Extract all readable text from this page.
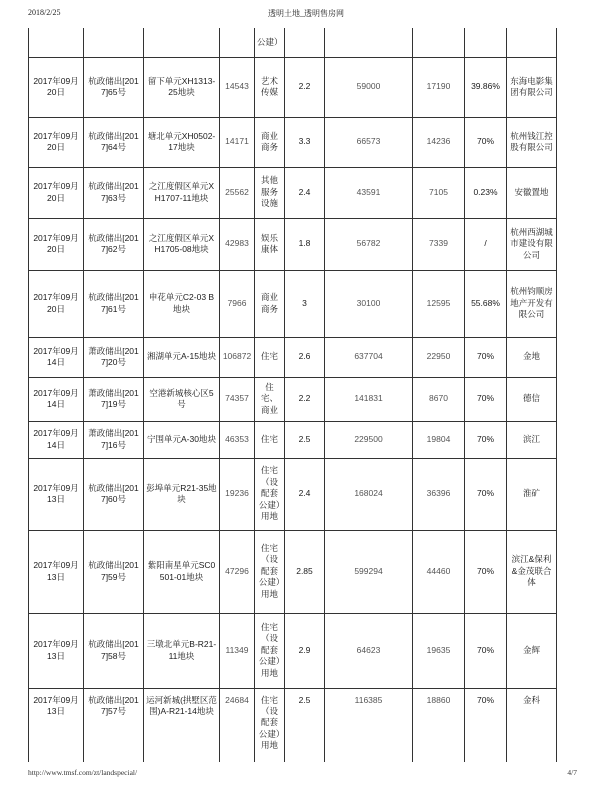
2018/2/25	透明土地_透明售房网
				公建）					
2017年09月20日	杭政储出[2017]65号	留下单元XH1313-25地块	14543	艺术传媒	2.2	59000	17190	39.86%	东海电影集团有限公司
2017年09月20日	杭政储出[2017]64号	塘北单元XH0502-17地块	14171	商业商务	3.3	66573	14236	70%	杭州钱江控股有限公司
2017年09月20日	杭政储出[2017]63号	之江度假区单元XH1707-11地块	25562	其他服务设施	2.4	43591	7105	0.23%	安徽置地
2017年09月20日	杭政储出[2017]62号	之江度假区单元XH1705-08地块	42983	娱乐康体	1.8	56782	7339	/	杭州西湖城市建设有限公司
2017年09月20日	杭政储出[2017]61号	申花单元C2-03 B地块	7966	商业商务	3	30100	12595	55.68%	杭州钧顺房地产开发有限公司
2017年09月14日	萧政储出[2017]20号	湘湖单元A-15地块	106872	住宅	2.6	637704	22950	70%	金地
2017年09月14日	萧政储出[2017]19号	空港新城核心区5号	74357	住宅、商业	2.2	141831	8670	70%	德信
2017年09月14日	萧政储出[2017]16号	宁围单元A-30地块	46353	住宅	2.5	229500	19804	70%	滨江
2017年09月13日	杭政储出[2017]60号	彭埠单元R21-35地块	19236	住宅（设配套公建）用地	2.4	168024	36396	70%	淮矿
2017年09月13日	杭政储出[2017]59号	紫阳南星单元SC0501-01地块	47296	住宅（设配套公建）用地	2.85	599294	44460	70%	滨江&保利&金茂联合体
2017年09月13日	杭政储出[2017]58号	三墩北单元B-R21-11地块	11349	住宅（设配套公建）用地	2.9	64623	19635	70%	金辉
2017年09月13日	杭政储出[2017]57号	运河新城(拱墅区范围)A-R21-14地块	24684	住宅（设配套公建）用地	2.5	116385	18860	70%	金科
http://www.tmsf.com/zt/landspecial/	4/7
